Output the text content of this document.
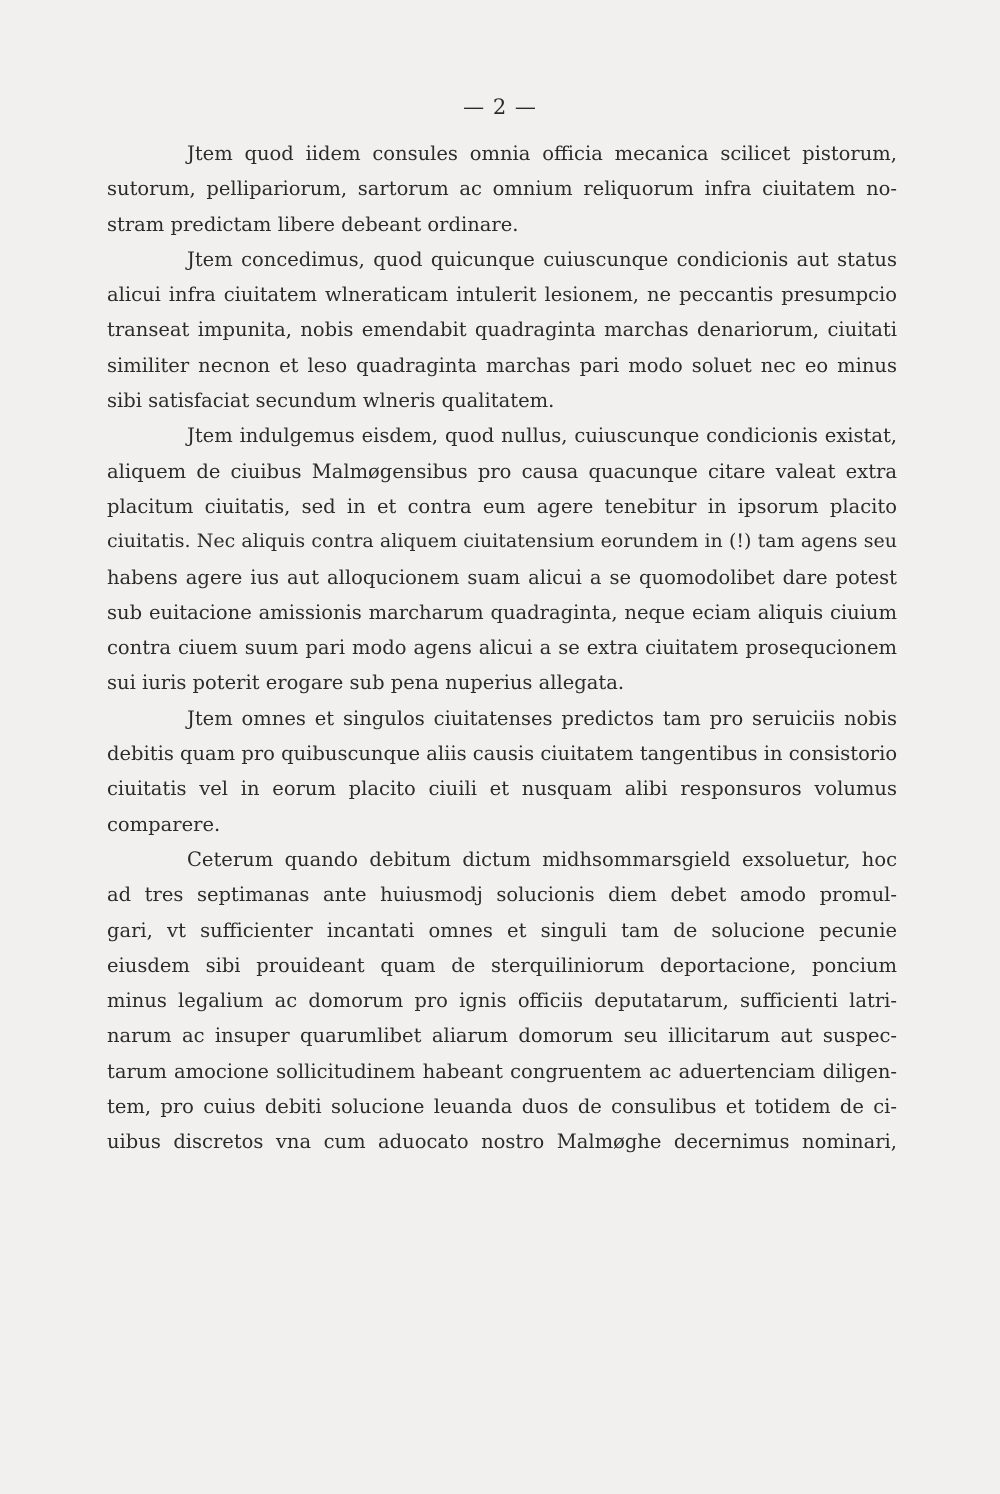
— 2 —
Jtem quod iidem consules omnia officia mecanica scilicet pistorum,
sutorum, pellipariorum, sartorum ac omnium reliquorum infra ciuitatem no-
stram predictam libere debeant ordinare.
Jtem concedimus, quod quicunque cuiuscunque condicionis aut status
alicui infra ciuitatem wlneraticam intulerit lesionem, ne peccantis presumpcio
transeat impunita, nobis emendabit quadraginta marchas denariorum, ciuitati
similiter necnon et leso quadraginta marchas pari modo soluet nec eo minus
sibi satisfaciat secundum wlneris qualitatem.
Jtem indulgemus eisdem, quod nullus, cuiuscunque condicionis existat,
aliquem de ciuibus Malmøgensibus pro causa quacunque citare valeat extra
placitum ciuitatis, sed in et contra eum agere tenebitur in ipsorum placito
ciuitatis. Nec aliquis contra aliquem ciuitatensium eorundem in (!) tam agens seu
habens agere ius aut alloqucionem suam alicui a se quomodolibet dare potest
sub euitacione amissionis marcharum quadraginta, neque eciam aliquis ciuium
contra ciuem suum pari modo agens alicui a se extra ciuitatem prosequcionem
sui iuris poterit erogare sub pena nuperius allegata.
Jtem omnes et singulos ciuitatenses predictos tam pro seruiciis nobis
debitis quam pro quibuscunque aliis causis ciuitatem tangentibus in consistorio
ciuitatis vel in eorum placito ciuili et nusquam alibi responsuros volumus
comparere.
Ceterum quando debitum dictum midhsommarsgield exsoluetur, hoc
ad tres septimanas ante huiusmodj solucionis diem debet amodo promul-
gari, vt sufficienter incantati omnes et singuli tam de solucione pecunie
eiusdem sibi prouideant quam de sterquiliniorum deportacione, poncium
minus legalium ac domorum pro ignis officiis deputatarum, sufficienti latri-
narum ac insuper quarumlibet aliarum domorum seu illicitarum aut suspec-
tarum amocione sollicitudinem habeant congruentem ac aduertenciam diligen-
tem, pro cuius debiti solucione leuanda duos de consulibus et totidem de ci-
uibus discretos vna cum aduocato nostro Malmøghe decernimus nominari,
